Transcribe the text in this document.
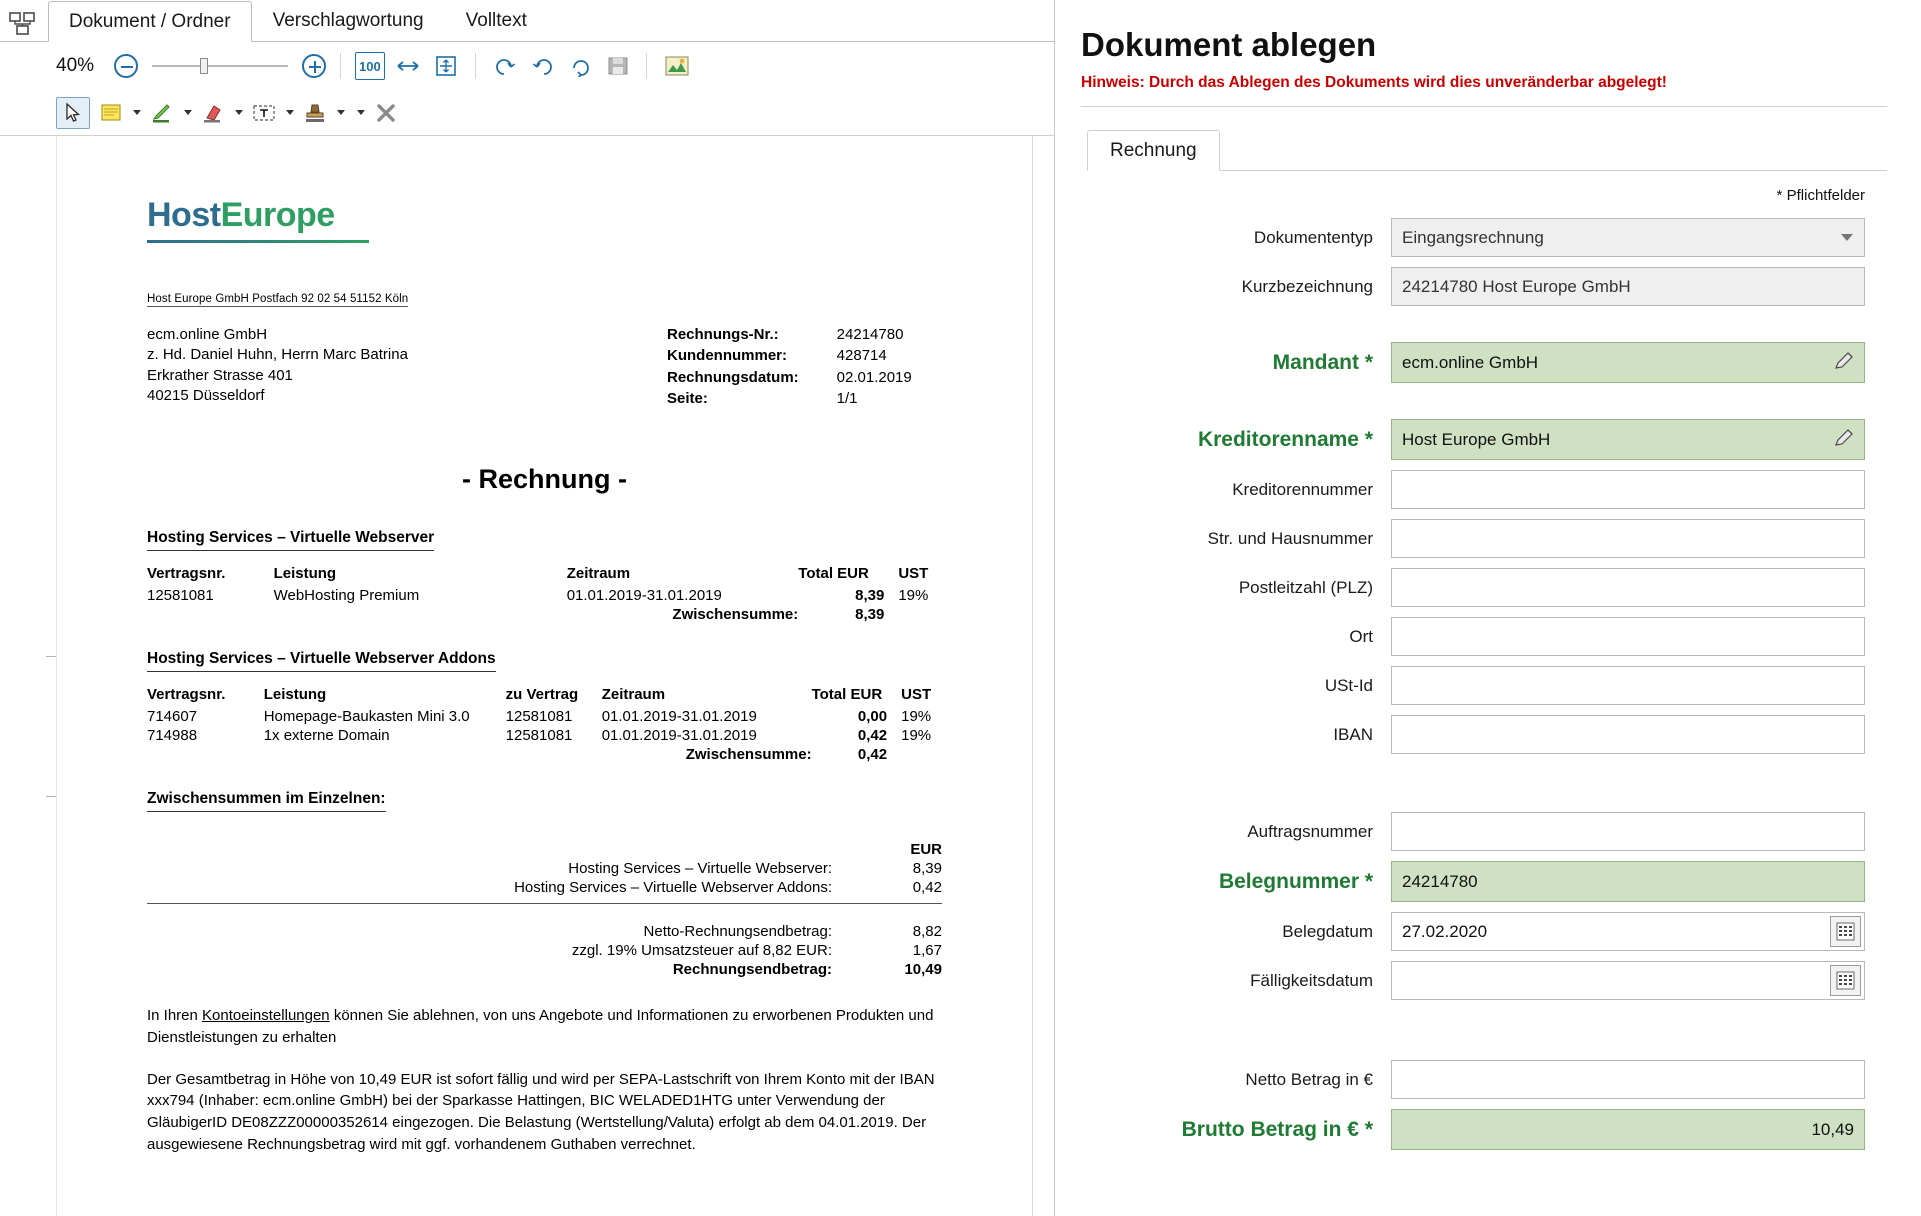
Dokument / Ordner Verschlagwortung Volltext
40%	100
HostEurope
Host Europe GmbH Postfach 92 02 54 51152 Köln
ecm.online GmbH
z. Hd. Daniel Huhn, Herrn Marc Batrina
Erkrather Strasse 401
40215 Düsseldorf
Rechnungs-Nr.:	24214780
Kundennummer:	428714
Rechnungsdatum:	02.01.2019
Seite:	1/1
- Rechnung -
Hosting Services – Virtuelle Webserver
Vertragsnr.	Leistung	Zeitraum	Total EUR	UST
12581081	WebHosting Premium	01.01.2019-31.01.2019	8,39	19%
		Zwischensumme:	8,39	
Hosting Services – Virtuelle Webserver Addons
Vertragsnr.	Leistung	zu Vertrag	Zeitraum	Total EUR	UST
714607	Homepage-Baukasten Mini 3.0	12581081	01.01.2019-31.01.2019	0,00	19%
714988	1x externe Domain	12581081	01.01.2019-31.01.2019	0,42	19%
			Zwischensumme:	0,42	
Zwischensummen im Einzelnen:
	EUR
Hosting Services – Virtuelle Webserver:	8,39
Hosting Services – Virtuelle Webserver Addons:	0,42
Netto-Rechnungsendbetrag:	8,82
zzgl. 19% Umsatzsteuer auf 8,82 EUR:	1,67
Rechnungsendbetrag:	10,49
In Ihren Kontoeinstellungen können Sie ablehnen, von uns Angebote und Informationen zu erworbenen Produkten und Dienstleistungen zu erhalten
Der Gesamtbetrag in Höhe von 10,49 EUR ist sofort fällig und wird per SEPA-Lastschrift von Ihrem Konto mit der IBAN xxx794 (Inhaber: ecm.online GmbH) bei der Sparkasse Hattingen, BIC WELADED1HTG unter Verwendung der GläubigerID DE08ZZZ00000352614 eingezogen. Die Belastung (Wertstellung/Valuta) erfolgt ab dem 04.01.2019. Der ausgewiesene Rechnungsbetrag wird mit ggf. vorhandenem Guthaben verrechnet.
Dokument ablegen
Hinweis: Durch das Ablegen des Dokuments wird dies unveränderbar abgelegt!
Rechnung
* Pflichtfelder
Dokumententyp	Eingangsrechnung
Kurzbezeichnung	24214780 Host Europe GmbH
Mandant *	ecm.online GmbH
Kreditorenname *	Host Europe GmbH
Kreditorennummer
Str. und Hausnummer
Postleitzahl (PLZ)
Ort
USt-Id
IBAN
Auftragsnummer
Belegnummer *	24214780
Belegdatum	27.02.2020
Fälligkeitsdatum
Netto Betrag in €
Brutto Betrag in € *	10,49
